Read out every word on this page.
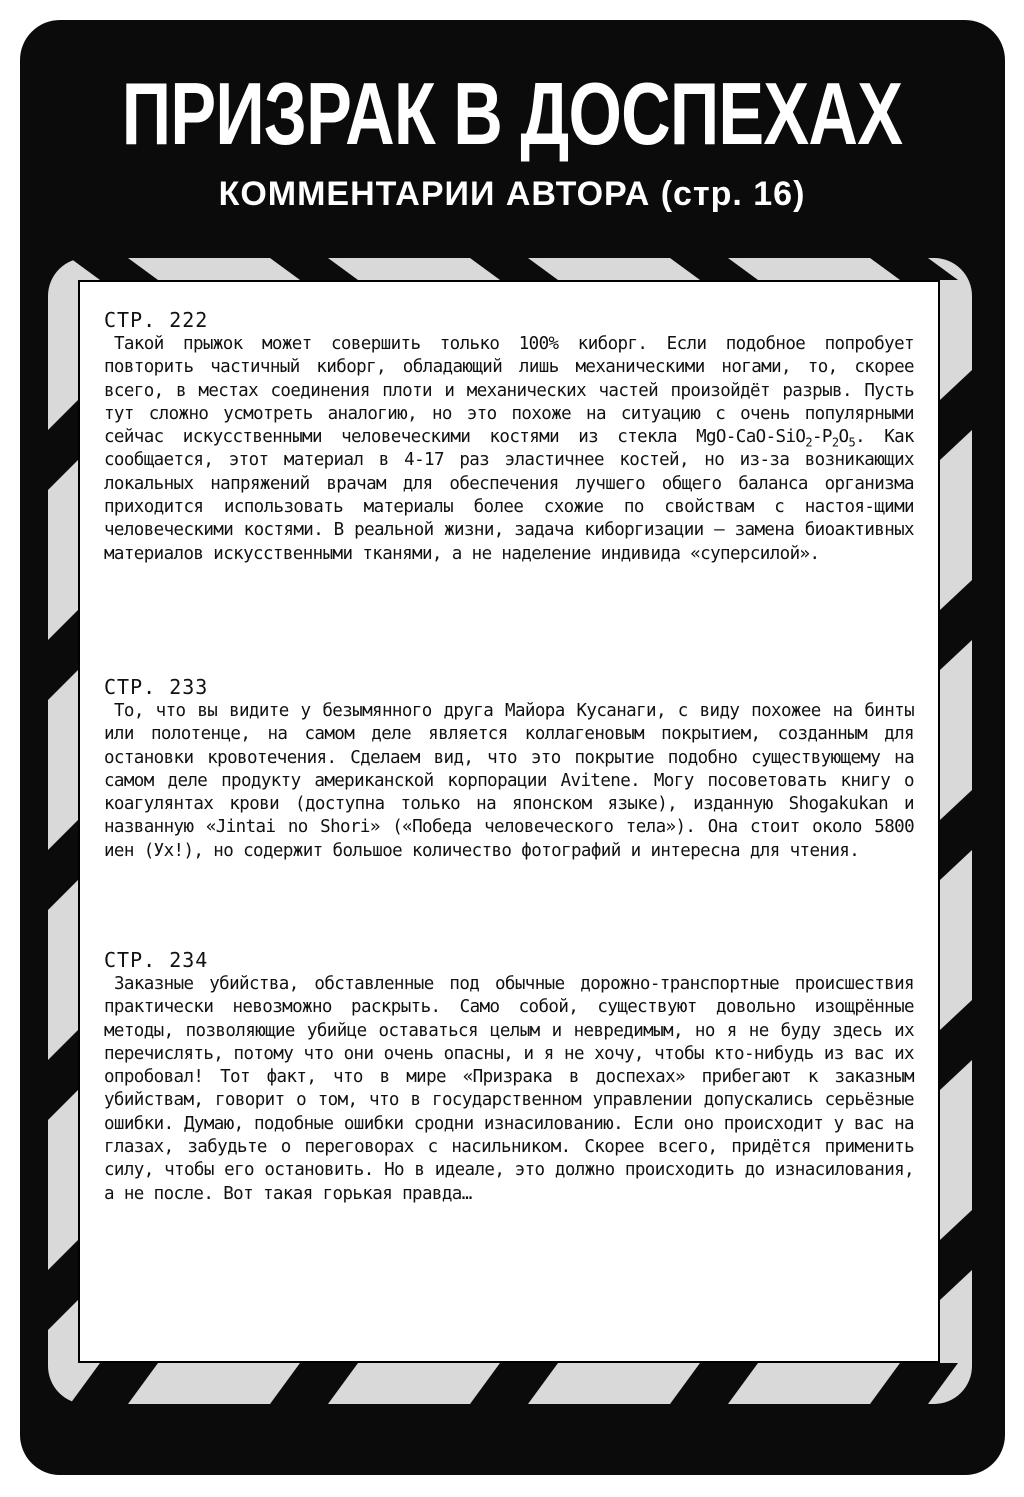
ПРИЗРАК В ДОСПЕХАХ
КОММЕНТАРИИ АВТОРА (стр. 16)
СТР. 222

Такой прыжок может совершить только 100% киборг. Если подобное попробует повторить частичный киборг, обладающий лишь механическими ногами, то, скорее всего, в местах соединения плоти и механических частей произойдёт разрыв. Пусть тут сложно усмотреть аналогию, но это похоже на ситуацию с очень популярными сейчас искусственными человеческими костями из стекла MgO-$CaO-SiO_2-P_2O_5$. Как сообщается, этот материал в 4-17 раз эластичнее костей, но из-за возникающих локальных напряжений врачам для обеспечения лучшего общего баланса организма приходится использовать материалы более схожие по свойствам с настоя-щими человеческими костями. В реальной жизни, задача киборгизации – замена биоактивных материалов искусственными тканями, а не наделение индивида «суперсилой».

СТР. 233

То, что вы видите у безымянного друга Майора Кусанаги, с виду похожее на бинты или полотенце, на самом деле является коллагеновым покрытием, созданным для остановки кровотечения. Сделаем вид, что это покрытие подобно существующему на самом деле продукту американской корпорации Avitene. Могу посоветовать книгу о коагулянтах крови (доступна только на японском языке), изданную Shogakukan и названную «Jintai no Shori» («Победа человеческого тела»). Она стоит около 5800 иен (Ух!), но содержит большое количество фотографий и интересна для чтения.

СТР. 234

Заказные убийства, обставленные под обычные дорожно-транспортные происшествия практически невозможно раскрыть. Само собой, существуют довольно изощрённые методы, позволяющие убийце оставаться целым и невредимым, но я не буду здесь их перечислять, потому что они очень опасны, и я не хочу, чтобы кто-нибудь из вас их опробовал! Тот факт, что в мире «Призрака в доспехах» прибегают к заказным убийствам, говорит о том, что в государственном управлении допускались серьёзные ошибки. Думаю, подобные ошибки сродни изнасилованию. Если оно происходит у вас на глазах, забудьте о переговорах с насильником. Скорее всего, придётся применить силу, чтобы его остановить. Но в идеале, это должно происходить до изнасилования, а не после. Вот такая горькая правда…
